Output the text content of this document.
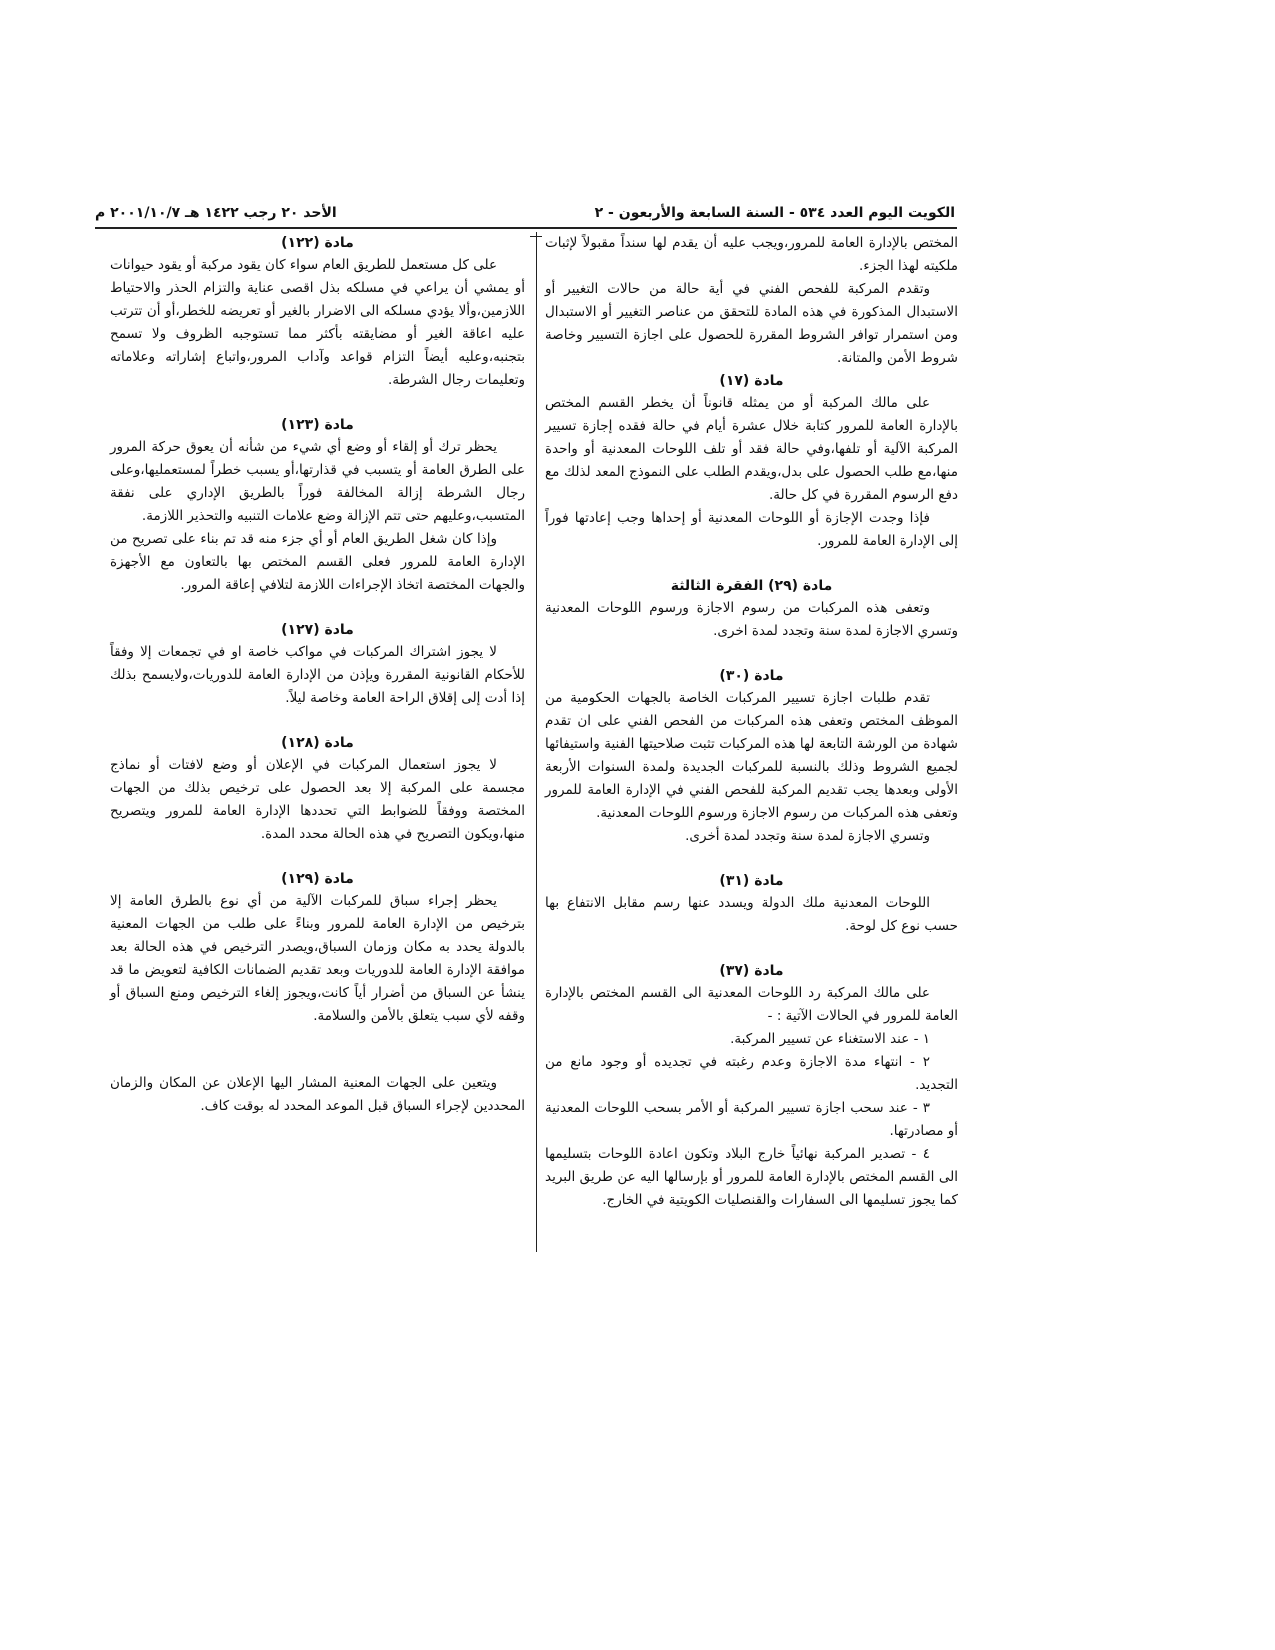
الكويت اليوم العدد ٥٣٤ - السنة السابعة والأربعون - ٢
الأحد ٢٠ رجب ١٤٢٢ هـ ٢٠٠١/١٠/٧ م

المختص بالإدارة العامة للمرور،ويجب عليه أن يقدم لها سنداً مقبولاً لإثبات ملكيته لهذا الجزء.

وتقدم المركبة للفحص الفني في أية حالة من حالات التغيير أو الاستبدال المذكورة في هذه المادة للتحقق من عناصر التغيير أو الاستبدال ومن استمرار توافر الشروط المقررة للحصول على اجازة التسيير وخاصة شروط الأمن والمتانة.

مادة (١٧)

على مالك المركبة أو من يمثله قانوناً أن يخطر القسم المختص بالإدارة العامة للمرور كتابة خلال عشرة أيام في حالة فقده إجازة تسيير المركبة الآلية أو تلفها،وفي حالة فقد أو تلف اللوحات المعدنية أو واحدة منها،مع طلب الحصول على بدل،ويقدم الطلب على النموذج المعد لذلك مع دفع الرسوم المقررة في كل حالة.

فإذا وجدت الإجازة أو اللوحات المعدنية أو إحداها وجب إعادتها فوراً إلى الإدارة العامة للمرور.

مادة (٢٩) الفقرة الثالثة

وتعفى هذه المركبات من رسوم الاجازة ورسوم اللوحات المعدنية وتسري الاجازة لمدة سنة وتجدد لمدة اخرى.

مادة (٣٠)

تقدم طلبات اجازة تسيير المركبات الخاصة بالجهات الحكومية من الموظف المختص وتعفى هذه المركبات من الفحص الفني على ان تقدم شهادة من الورشة التابعة لها هذه المركبات تثبت صلاحيتها الفنية واستيفائها لجميع الشروط وذلك بالنسبة للمركبات الجديدة ولمدة السنوات الأربعة الأولى وبعدها يجب تقديم المركبة للفحص الفني في الإدارة العامة للمرور وتعفى هذه المركبات من رسوم الاجازة ورسوم اللوحات المعدنية.

وتسري الاجازة لمدة سنة وتجدد لمدة أخرى.

مادة (٣١)

اللوحات المعدنية ملك الدولة ويسدد عنها رسم مقابل الانتفاع بها حسب نوع كل لوحة.

مادة (٣٧)

على مالك المركبة رد اللوحات المعدنية الى القسم المختص بالإدارة العامة للمرور في الحالات الآتية : -

١ - عند الاستغناء عن تسيير المركبة.

٢ - انتهاء مدة الاجازة وعدم رغبته في تجديده أو وجود مانع من التجديد.

٣ - عند سحب اجازة تسيير المركبة أو الأمر بسحب اللوحات المعدنية أو مصادرتها.

٤ - تصدير المركبة نهائياً خارج البلاد وتكون اعادة اللوحات بتسليمها الى القسم المختص بالإدارة العامة للمرور أو بإرسالها اليه عن طريق البريد كما يجوز تسليمها الى السفارات والقنصليات الكويتية في الخارج.

مادة (١٢٢)

على كل مستعمل للطريق العام سواء كان يقود مركبة أو يقود حيوانات أو يمشي أن يراعي في مسلكه بذل اقصى عناية والتزام الحذر والاحتياط اللازمين،وألا يؤدي مسلكه الى الاضرار بالغير أو تعريضه للخطر،أو أن تترتب عليه اعاقة الغير أو مضايقته بأكثر مما تستوجبه الظروف ولا تسمح بتجنبه،وعليه أيضاً التزام قواعد وآداب المرور،واتباع إشاراته وعلاماته وتعليمات رجال الشرطة.

مادة (١٢٣)

يحظر ترك أو إلقاء أو وضع أي شيء من شأنه أن يعوق حركة المرور على الطرق العامة أو يتسبب في قذارتها،أو يسبب خطراً لمستعمليها،وعلى رجال الشرطة إزالة المخالفة فوراً بالطريق الإداري على نفقة المتسبب،وعليهم حتى تتم الإزالة وضع علامات التنبيه والتحذير اللازمة.

وإذا كان شغل الطريق العام أو أي جزء منه قد تم بناء على تصريح من الإدارة العامة للمرور فعلى القسم المختص بها بالتعاون مع الأجهزة والجهات المختصة اتخاذ الإجراءات اللازمة لتلافي إعاقة المرور.

مادة (١٢٧)

لا يجوز اشتراك المركبات في مواكب خاصة او في تجمعات إلا وفقاً للأحكام القانونية المقررة ويإذن من الإدارة العامة للدوريات،ولايسمح بذلك إذا أدت إلى إقلاق الراحة العامة وخاصة ليلاً.

مادة (١٢٨)

لا يجوز استعمال المركبات في الإعلان أو وضع لافتات أو نماذج مجسمة على المركبة إلا بعد الحصول على ترخيص بذلك من الجهات المختصة ووفقاً للضوابط التي تحددها الإدارة العامة للمرور ويتصريح منها،ويكون التصريح في هذه الحالة محدد المدة.

مادة (١٢٩)

يحظر إجراء سباق للمركبات الآلية من أي نوع بالطرق العامة إلا بترخيص من الإدارة العامة للمرور وبناءً على طلب من الجهات المعنية بالدولة يحدد به مكان وزمان السباق،ويصدر الترخيص في هذه الحالة بعد موافقة الإدارة العامة للدوريات وبعد تقديم الضمانات الكافية لتعويض ما قد ينشأ عن السباق من أضرار أياً كانت،ويجوز إلغاء الترخيص ومنع السباق أو وقفه لأي سبب يتعلق بالأمن والسلامة.

ويتعين على الجهات المعنية المشار اليها الإعلان عن المكان والزمان المحددين لإجراء السباق قبل الموعد المحدد له بوقت كاف.
